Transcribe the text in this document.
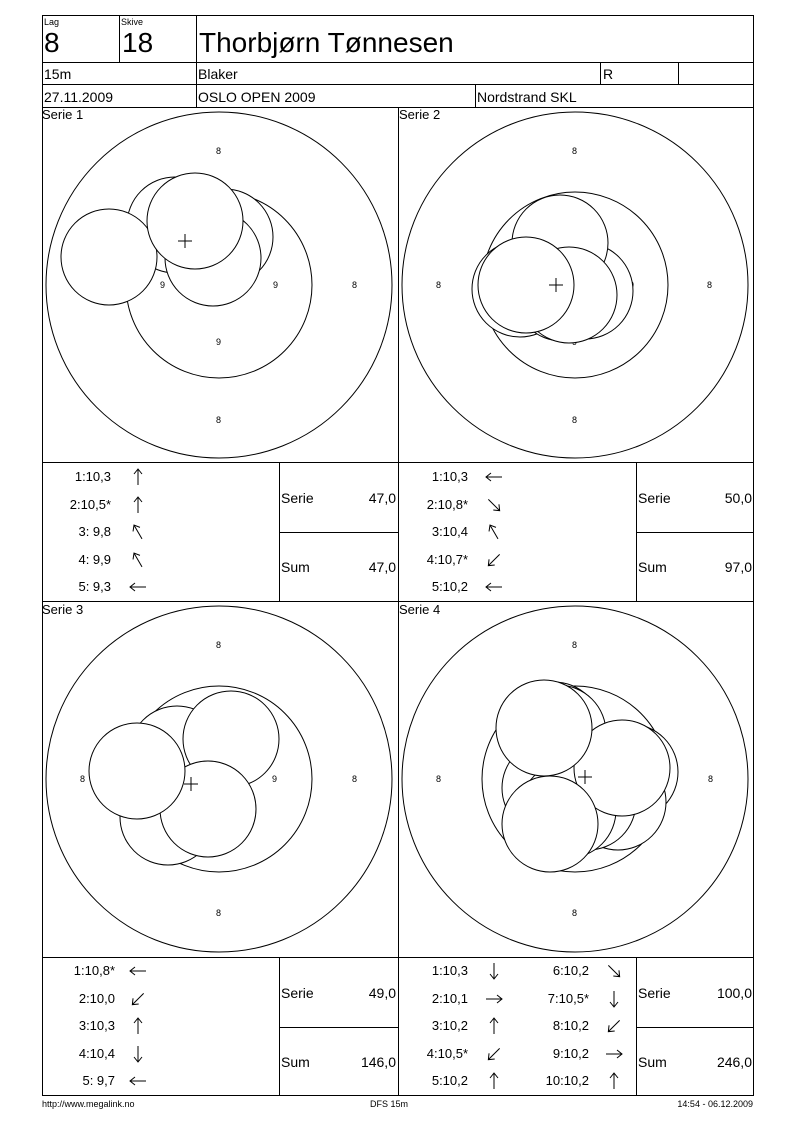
Lag
8
Skive
18 Thorbjørn Tønnesen
15m	Blaker	R
27.11.2009	OSLO OPEN 2009	Nordstrand SKL
Serie 1
8
8
8
9	9
9
Serie 2
8
8
8	8
Serie 3
8
8
8	8
9
Serie 4
8
8
8	8
1:10,3
2:10,5*
3: 9,8
4: 9,9
5: 9,3
1:10,3
2:10,8*
3:10,4
4:10,7*
5:10,2
1:10,8*
2:10,0
3:10,3
4:10,4
5: 9,7
1:10,3
2:10,1
3:10,2
4:10,5*
5:10,2
6:10,2
7:10,5*
8:10,2
9:10,2
10:10,2
Serie	47,0
Sum	47,0
Serie	50,0
Sum	97,0
Serie	49,0
Sum	146,0
Serie	100,0
Sum	246,0
http://www.megalink.no	DFS 15m	14:54 - 06.12.2009
